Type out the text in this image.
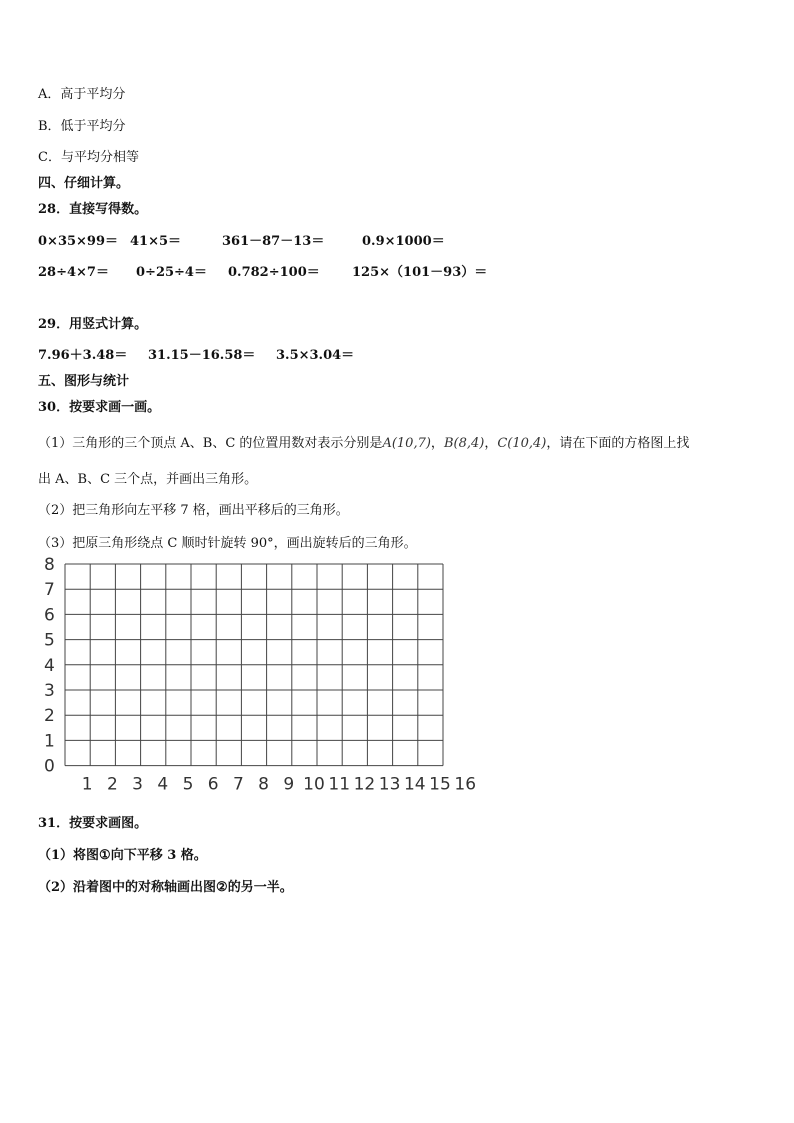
A．高于平均分
B．低于平均分
C．与平均分相等
四、仔细计算。
28．直接写得数。
0×35×99＝ 41×5＝	361－87－13＝	0.9×1000＝
28÷4×7＝ 0÷25÷4＝ 0.782÷100＝ 125×（101－93）＝
29．用竖式计算。
7.96＋3.48＝ 31.15－16.58＝ 3.5×3.04＝
五、图形与统计
30．按要求画一画。
（1）三角形的三个顶点 A、B、C 的位置用数对表示分别是A(10,7)，B(8,4)，C(10,4)，请在下面的方格图上找
出 A、B、C 三个点，并画出三角形。
（2）把三角形向左平移 7 格，画出平移后的三角形。
（3）把原三角形绕点 C 顺时针旋转 90°，画出旋转后的三角形。
0
1
2
3
4
5
6
7
8
1 2 3 4 5 6 7 8 9 10 11 12 13 14 15 16
31．按要求画图。
（1）将图①向下平移 3 格。
（2）沿着图中的对称轴画出图②的另一半。
